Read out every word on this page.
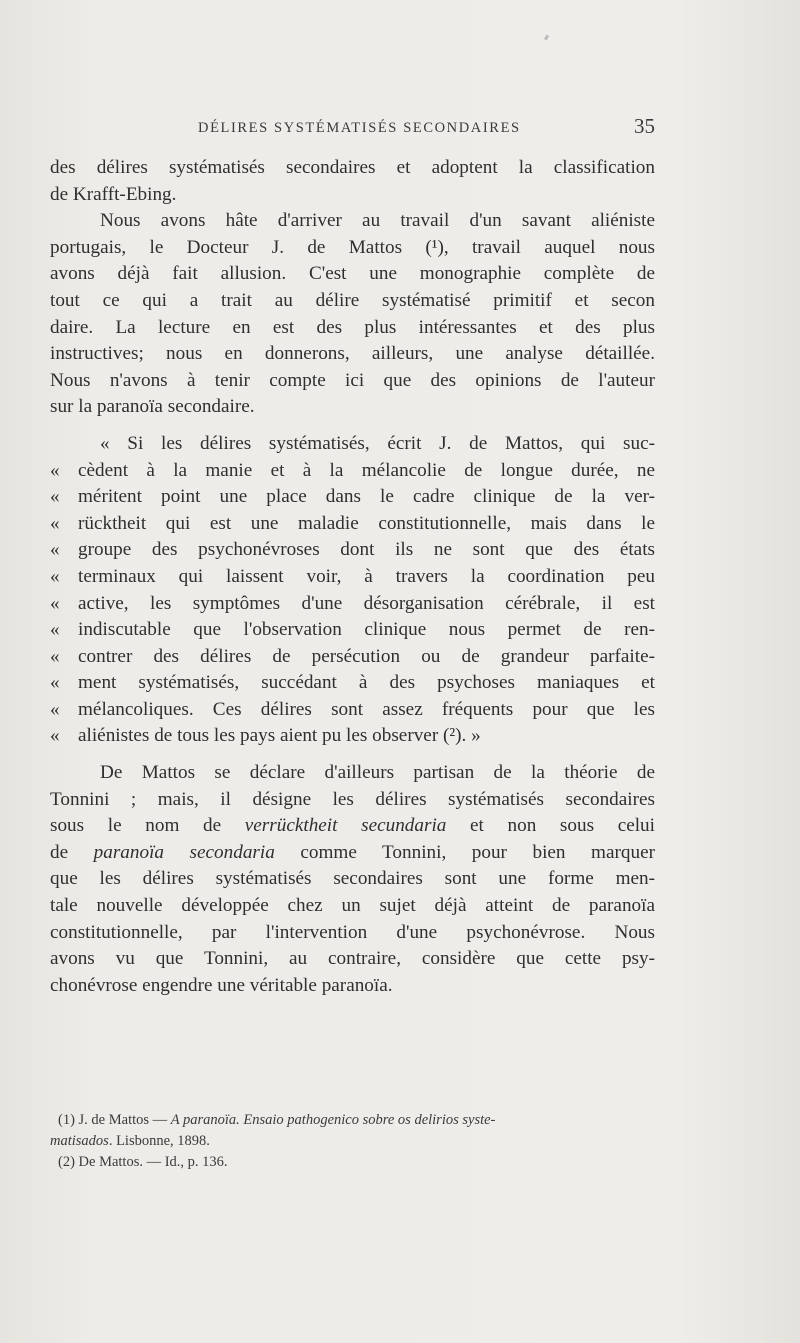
DÉLIRES SYSTÉMATISÉS SECONDAIRES	35
des délires systématisés secondaires et adoptent la classification
de Krafft-Ebing.
Nous avons hâte d'arriver au travail d'un savant aliéniste
portugais, le Docteur J. de Mattos (¹), travail auquel nous
avons déjà fait allusion. C'est une monographie complète de
tout ce qui a trait au délire systématisé primitif et secon
daire. La lecture en est des plus intéressantes et des plus
instructives; nous en donnerons, ailleurs, une analyse détaillée.
Nous n'avons à tenir compte ici que des opinions de l'auteur
sur la paranoïa secondaire.
« Si les délires systématisés, écrit J. de Mattos, qui suc-
« cèdent à la manie et à la mélancolie de longue durée, ne
« méritent point une place dans le cadre clinique de la ver-
« rücktheit qui est une maladie constitutionnelle, mais dans le
« groupe des psychonévroses dont ils ne sont que des états
« terminaux qui laissent voir, à travers la coordination peu
« active, les symptômes d'une désorganisation cérébrale, il est
« indiscutable que l'observation clinique nous permet de ren-
« contrer des délires de persécution ou de grandeur parfaite-
« ment systématisés, succédant à des psychoses maniaques et
« mélancoliques. Ces délires sont assez fréquents pour que les
« aliénistes de tous les pays aient pu les observer (²). »
De Mattos se déclare d'ailleurs partisan de la théorie de
Tonnini ; mais, il désigne les délires systématisés secondaires
sous le nom de verrücktheit secundaria et non sous celui
de paranoïa secondaria comme Tonnini, pour bien marquer
que les délires systématisés secondaires sont une forme men-
tale nouvelle développée chez un sujet déjà atteint de paranoïa
constitutionnelle, par l'intervention d'une psychonévrose. Nous
avons vu que Tonnini, au contraire, considère que cette psy-
chonévrose engendre une véritable paranoïa.
(1) J. de Mattos — A paranoïa. Ensaio pathogenico sobre os delirios syste-
matisados. Lisbonne, 1898.
(2) De Mattos. — Id., p. 136.
